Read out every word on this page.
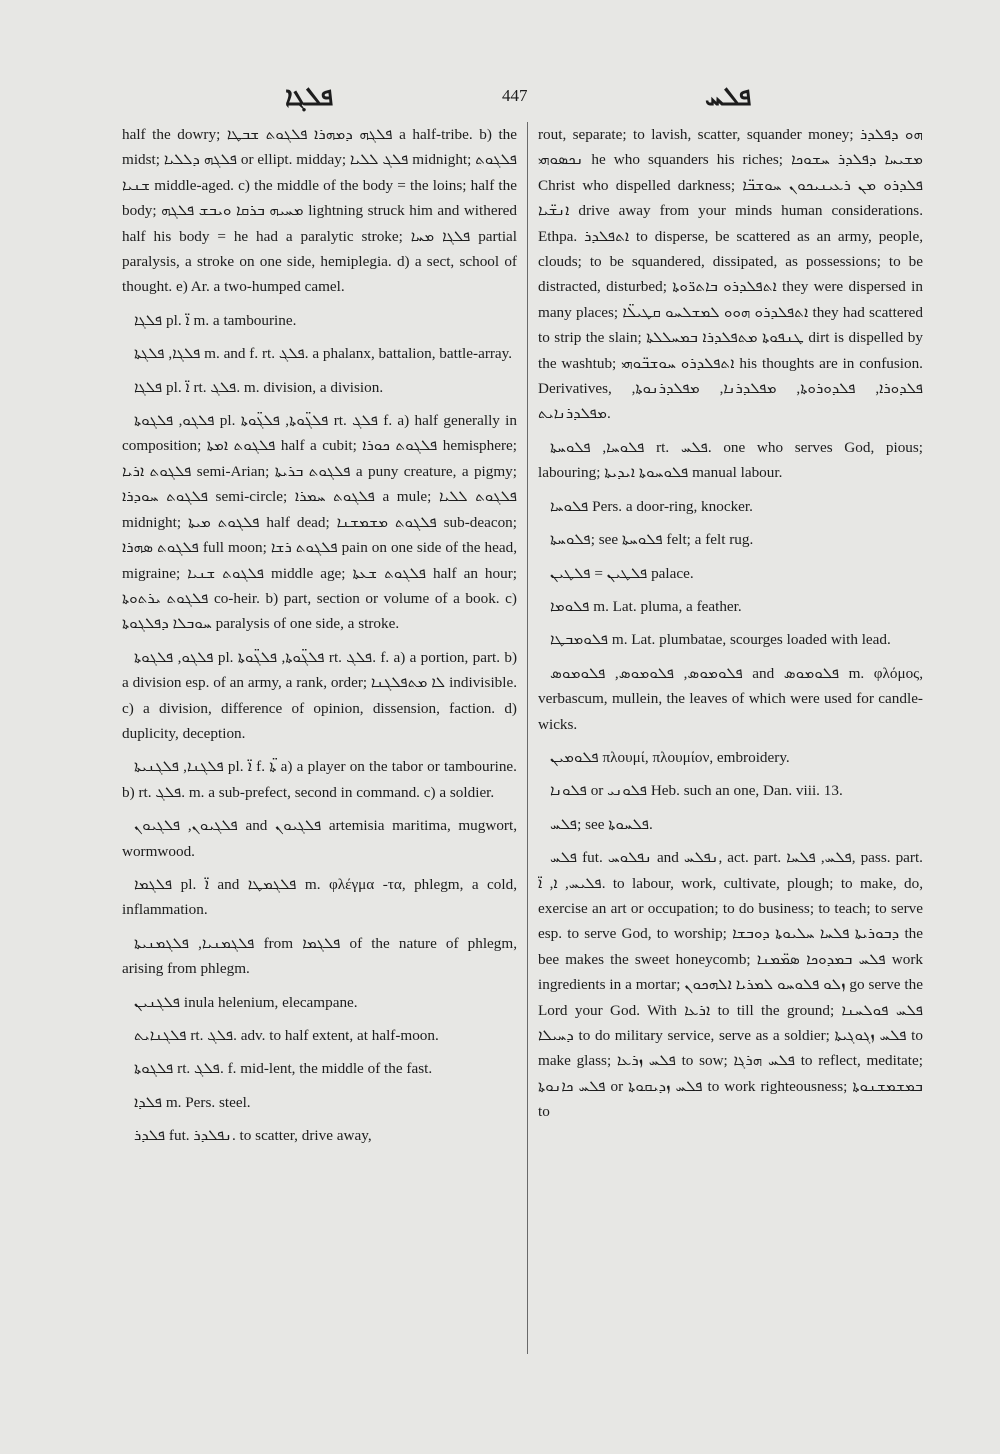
ܦܠܓܐ	447	ܦܠܚ

half the dowry; ܦܠܓܗ ܕܡܗܪܐ ܦܠܓܘܬ ܫܒܛܐ a half-tribe. b) the midst; ܦܠܓܗ ܕܠܠܝܐ or ellipt. midday; ܦܠܓ ܠܠܝܐ midnight; ܦܠܓܘܬ ܫܢܝܐ middle-aged. c) the middle of the body = the loins; half the body; ܡܚܝܗ ܒܪܩܐ ܘܝܒܫ ܦܠܓܗ lightning struck him and withered half his body = he had a paralytic stroke; ܦܠܓܐ ܡܚܐ partial paralysis, a stroke on one side, hemiplegia. d) a sect, school of thought. e) Ar. a two-humped camel.

ܦܠܓܐ pl. ܐ̈ m. a tambourine.

ܦܠܓܐ, ܦܠܓܬܐ m. and f. rt. ܦܠܓ. a phalanx, battalion, battle-array.

ܦܠܓܐ pl. ܐ̈ rt. ܦܠܓ. m. division, a division.

ܦܠܓܘ, ܦܠܓܘܬܐ pl. ܦܠܓ̈ܘܬܐ, ܦܠܓ̈ܘܬܐ rt. ܦܠܓ f. a) half generally in composition; ܦܠܓܘܬ ܐܡܬܐ half a cubit; ܦܠܓܘܬ ܟܘܪܐ hemisphere; ܦܠܓܘܬ ܐܪܝܐ semi-Arian; ܦܠܓܘܬ ܒܪܝܬܐ a puny creature, a pigmy; ܦܠܓܘܬ ܚܘܕܪܐ semi-circle; ܦܠܓܘܬ ܚܡܪܐ a mule; ܦܠܓܘܬ ܠܠܝܐ midnight; ܦܠܓܘܬ ܡܝܬܐ half dead; ܦܠܓܘܬ ܡܫܡܫܢܐ sub-deacon; ܦܠܓܘܬ ܣܗܪܐ full moon; ܦܠܓܘܬ ܪܫܐ pain on one side of the head, migraine; ܦܠܓܘܬ ܫܢܝܐ middle age; ܦܠܓܘܬ ܫܥܬܐ half an hour; ܦܠܓܘܬ ܝܪܬܘܬܐ co-heir. b) part, section or volume of a book. c) ܚܘܒܠܐ ܕܦܠܓܘܬܐ paralysis of one side, a stroke.

ܦܠܓܘ, ܦܠܓܘܬܐ pl. ܦܠܓ̈ܘܬܐ, ܦܠܓ̈ܘܬܐ rt. ܦܠܓ. f. a) a portion, part. b) a division esp. of an army, a rank, order; ܠܐ ܡܬܦܠܓܢܐ indivisible. c) a division, difference of opinion, dissension, faction. d) duplicity, deception.

ܦܠܓܢܐ, ܦܠܓܢܝܬܐ pl. ܐ̈ f. ܬ̈ܐ a) a player on the tabor or tambourine. b) rt. ܦܠܓ. m. a sub-prefect, second in command. c) a soldier.

ܦܠܓܝܘܢ, ܦܠܓܝܘܢ and ܦܠܓܝܘܢ artemisia maritima, mugwort, wormwood.

ܦܠܓܡܐ pl. ܐ̈ and ܦܠܓܡܛܐ m. φλέγμα -τα, phlegm, a cold, inflammation.

ܦܠܓܡܢܝܐ, ܦܠܓܡܢܝܬܐ from ܦܠܓܡܐ of the nature of phlegm, arising from phlegm.

ܦܠܓܢܝܢ inula helenium, elecampane.

ܦܠܓܢܐܝܬ rt. ܦܠܓ. adv. to half extent, at half-moon.

ܦܠܓܘܬܐ rt. ܦܠܓ. f. mid-lent, the middle of the fast.

ܦܠܕܐ m. Pers. steel.

ܦܠܕܪ fut. ܢܦܠܕܪ. to scatter, drive away,

rout, separate; to lavish, scatter, squander money; ܗܘ ܕܦܠܕܪ ܢܟܣܘܗܝ he who squanders his riches; ܡܫܝܚܐ ܕܦܠܕܪ ܚܫܘܟܐ Christ who dispelled darkness; ܦܠܕܪܘ ܡܢ ܪܥܝܢܝܟܘܢ ܚܘܫܒ̈ܐ ܐܢܫ̈ܝܐ drive away from your minds human considerations. Ethpa. ܐܬܦܠܕܪ to disperse, be scattered as an army, people, clouds; to be squandered, dissipated, as possessions; to be distracted, disturbed; ܐܬܦܠܕܪܘ ܒܐܬܪ̈ܘܬܐ they were dispersed in many places; ܐܬܦܠܕܪܘ ܗܘܘ ܠܡܫܠܚܘ ܩܛܝܠ̈ܐ they had scattered to strip the slain; ܛܢܦܘܬܐ ܡܬܦܠܕܪܐ ܒܡܚܠܠܬܐ dirt is dispelled by the washtub; ܐܬܦܠܕܪܘ ܚܘܫܒ̈ܘܗܝ his thoughts are in confusion. Derivatives, ܦܠܕܘܪܐ, ܦܠܕܘܪܘܬܐ, ܡܦܠܕܪܢܐ, ܡܦܠܕܪܢܘܬܐ, ܡܦܠܕܪܢܐܝܬ.

ܦܠܘܚܐ, ܦܠܘܚܬܐ rt. ܦܠܚ. one who serves God, pious; labouring; ܦܠܘܚܘܬܐ ܐܝܕܝܬܐ manual labour.

ܦܠܘܚܐ Pers. a door-ring, knocker.

ܦܠܘܚܬܐ; see ܦܠܘܚܬܐ felt; a felt rug.

ܦܠܛܝܢ = ܦܠܛܝܢ palace.

ܦܠܘܡܐ m. Lat. pluma, a feather.

ܦܠܘܡܒܛܐ m. Lat. plumbatae, scourges loaded with lead.

ܦܠܘܡܘܣ, ܦܠܘܡܘܣ, ܦܠܘܡܘܣ and ܦܠܘܡܘܣ m. φλόμος, verbascum, mullein, the leaves of which were used for candle-wicks.

ܦܠܘܡܝܢ πλουμί, πλουμίον, embroidery.

ܦܠܘܢܐ or ܦܠܘܢܝ Heb. such an one, Dan. viii. 13.

ܦܠܚ; see ܦܠܚܘܬܐ.

ܦܠܚ fut. ܢܦܠܘܚ and ܢܦܠܚ, act. part. ܦܠܚ, ܦܠܚܐ, pass. part. ܦܠܝܚ, ܐ, ܐ̈. to labour, work, cultivate, plough; to make, do, exercise an art or occupation; to do business; to teach; to serve esp. to serve God, to worship; ܕܒܘܪܝܬܐ ܦܠܚܐ ܚܠܝܘܬܐ ܕܘܒܫܐ the bee makes the sweet honeycomb; ܦܠܚ ܒܡܕܘܟܐ ܣܡ̈ܡܢܐ work ingredients in a mortar; ܙܠܘ ܦܠܘܚܘ ܠܡܪܝܐ ܐܠܗܟܘܢ go serve the Lord your God. With ܐܪܥܐ to till the ground; ܦܠܚ ܦܘܠܚܢܐ ܕܚܝܠܐ to do military service, serve as a soldier; ܦܠܚ ܙܓܘܓܝܬܐ to make glass; ܦܠܚ ܙܪܥܐ to sow; ܦܠܚ ܗܪܓܐ to reflect, meditate; ܦܠܚ ܟܐܢܘܬܐ or ܦܠܚ ܙܕܝܩܘܬܐ to work righteousness; ܒܡܫܡܫܢܘܬܐ to
